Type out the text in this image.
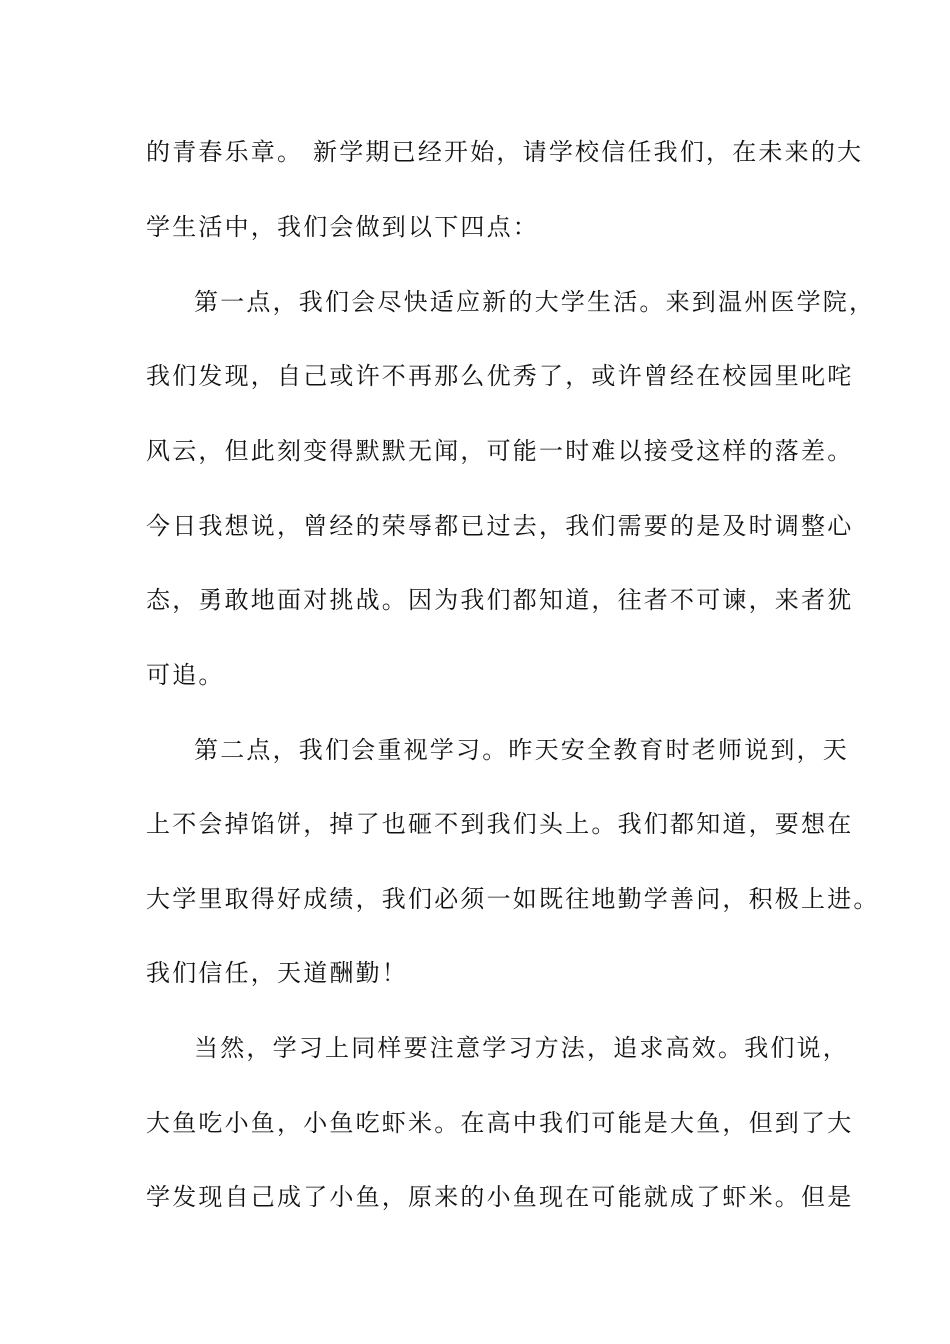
的青春乐章。 新学期已经开始，请学校信任我们，在未来的大
学生活中，我们会做到以下四点：
第一点，我们会尽快适应新的大学生活。来到温州医学院，
我们发现，自己或许不再那么优秀了，或许曾经在校园里叱咤
风云，但此刻变得默默无闻，可能一时难以接受这样的落差。
今日我想说，曾经的荣辱都已过去，我们需要的是及时调整心
态，勇敢地面对挑战。因为我们都知道，往者不可谏，来者犹
可追。
第二点，我们会重视学习。昨天安全教育时老师说到，天
上不会掉馅饼，掉了也砸不到我们头上。我们都知道，要想在
大学里取得好成绩，我们必须一如既往地勤学善问，积极上进。
我们信任，天道酬勤！
当然，学习上同样要注意学习方法，追求高效。我们说，
大鱼吃小鱼，小鱼吃虾米。在高中我们可能是大鱼，但到了大
学发现自己成了小鱼，原来的小鱼现在可能就成了虾米。但是
